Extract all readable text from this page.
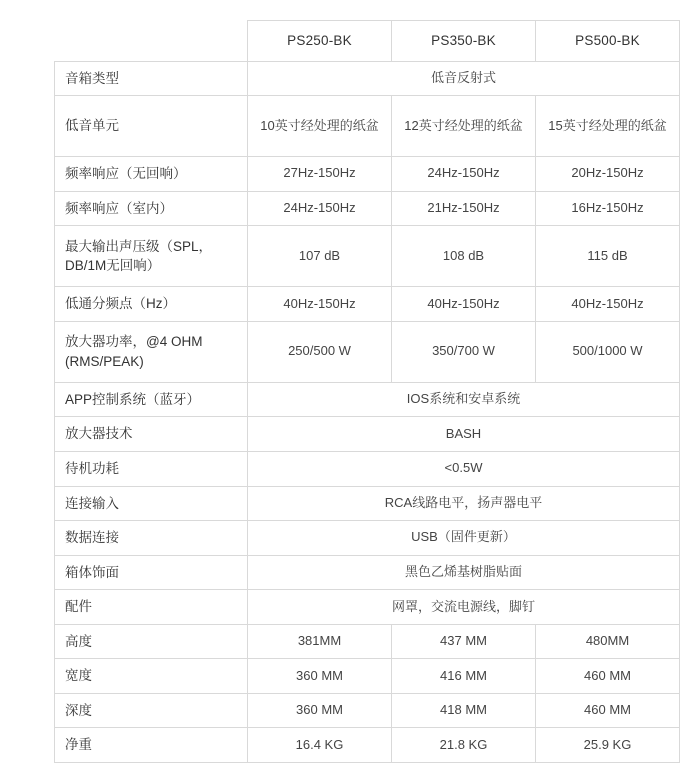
	PS250-BK	PS350-BK	PS500-BK
音箱类型	低音反射式		
低音单元	10英寸经处理的纸盆	12英寸经处理的纸盆	15英寸经处理的纸盆
频率响应（无回响）	27Hz-150Hz	24Hz-150Hz	20Hz-150Hz
频率响应（室内）	24Hz-150Hz	21Hz-150Hz	16Hz-150Hz
最大输出声压级（SPL，DB/1M无回响）	107 dB	108 dB	115 dB
低通分频点（Hz）	40Hz-150Hz	40Hz-150Hz	40Hz-150Hz
放大器功率，@4 OHM (RMS/PEAK)	250/500 W	350/700 W	500/1000 W
APP控制系统（蓝牙）	IOS系统和安卓系统		
放大器技术	BASH		
待机功耗	<0.5W		
连接输入	RCA线路电平，扬声器电平		
数据连接	USB（固件更新）		
箱体饰面	黑色乙烯基树脂贴面		
配件	网罩，交流电源线，脚钉		
高度	381MM	437 MM	480MM
宽度	360 MM	416 MM	460 MM
深度	360 MM	418 MM	460 MM
净重	16.4 KG	21.8 KG	25.9 KG
